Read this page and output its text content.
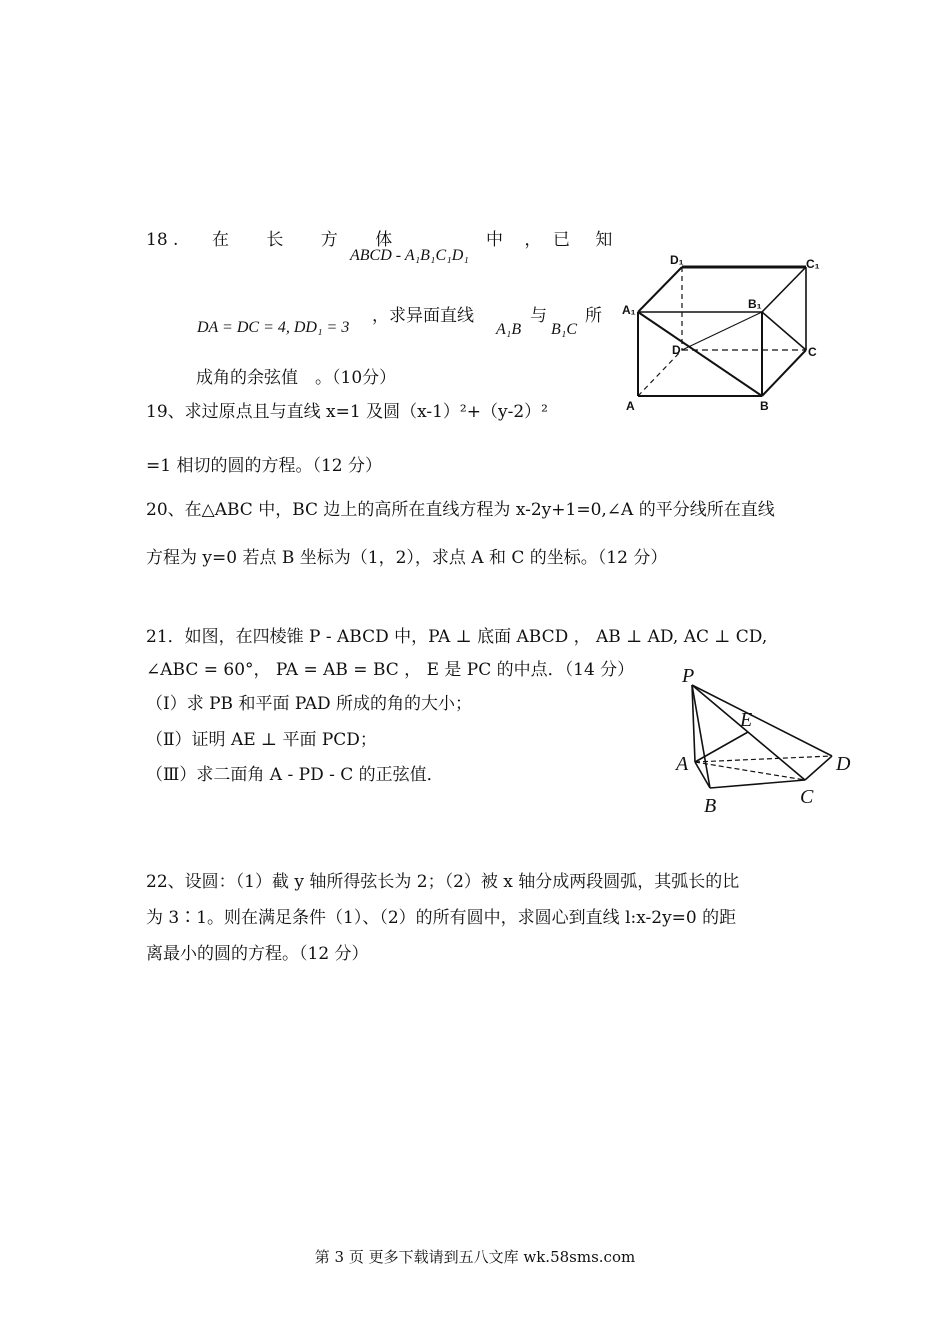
18 . 在 长 方 体
ABCD - A₁B₁C₁D₁
中 ， 已 知
DA = DC = 4, DD₁ = 3
，求异面直线
A₁B
与
B₁C
所
成角的余弦值　。（10分）
A	B
C
D
A₁	B₁
C₁
D₁
19、求过原点且与直线 x=1 及圆（x-1）²+（y-2）²
=1 相切的圆的方程。（12 分）
20、在△ABC 中，BC 边上的高所在直线方程为 x-2y+1=0,∠A 的平分线所在直线
方程为 y=0 若点 B 坐标为（1，2），求点 A 和 C 的坐标。（12 分）
21．如图，在四棱锥 P - ABCD 中，PA ⊥ 底面 ABCD ， AB ⊥ AD, AC ⊥ CD,
∠ABC = 60°， PA = AB = BC ， E 是 PC 的中点．（14 分）
（Ⅰ）求 PB 和平面 PAD 所成的角的大小；
（Ⅱ）证明 AE ⊥ 平面 PCD；
（Ⅲ）求二面角 A - PD - C 的正弦值．
P
A
B	C
D
E
22、设圆：（1）截 y 轴所得弦长为 2；（2）被 x 轴分成两段圆弧，其弧长的比
为 3∶1。则在满足条件（1）、（2）的所有圆中，求圆心到直线 l:x-2y=0 的距
离最小的圆的方程。（12 分）
第 3 页 更多下载请到五八文库 wk.58sms.com
